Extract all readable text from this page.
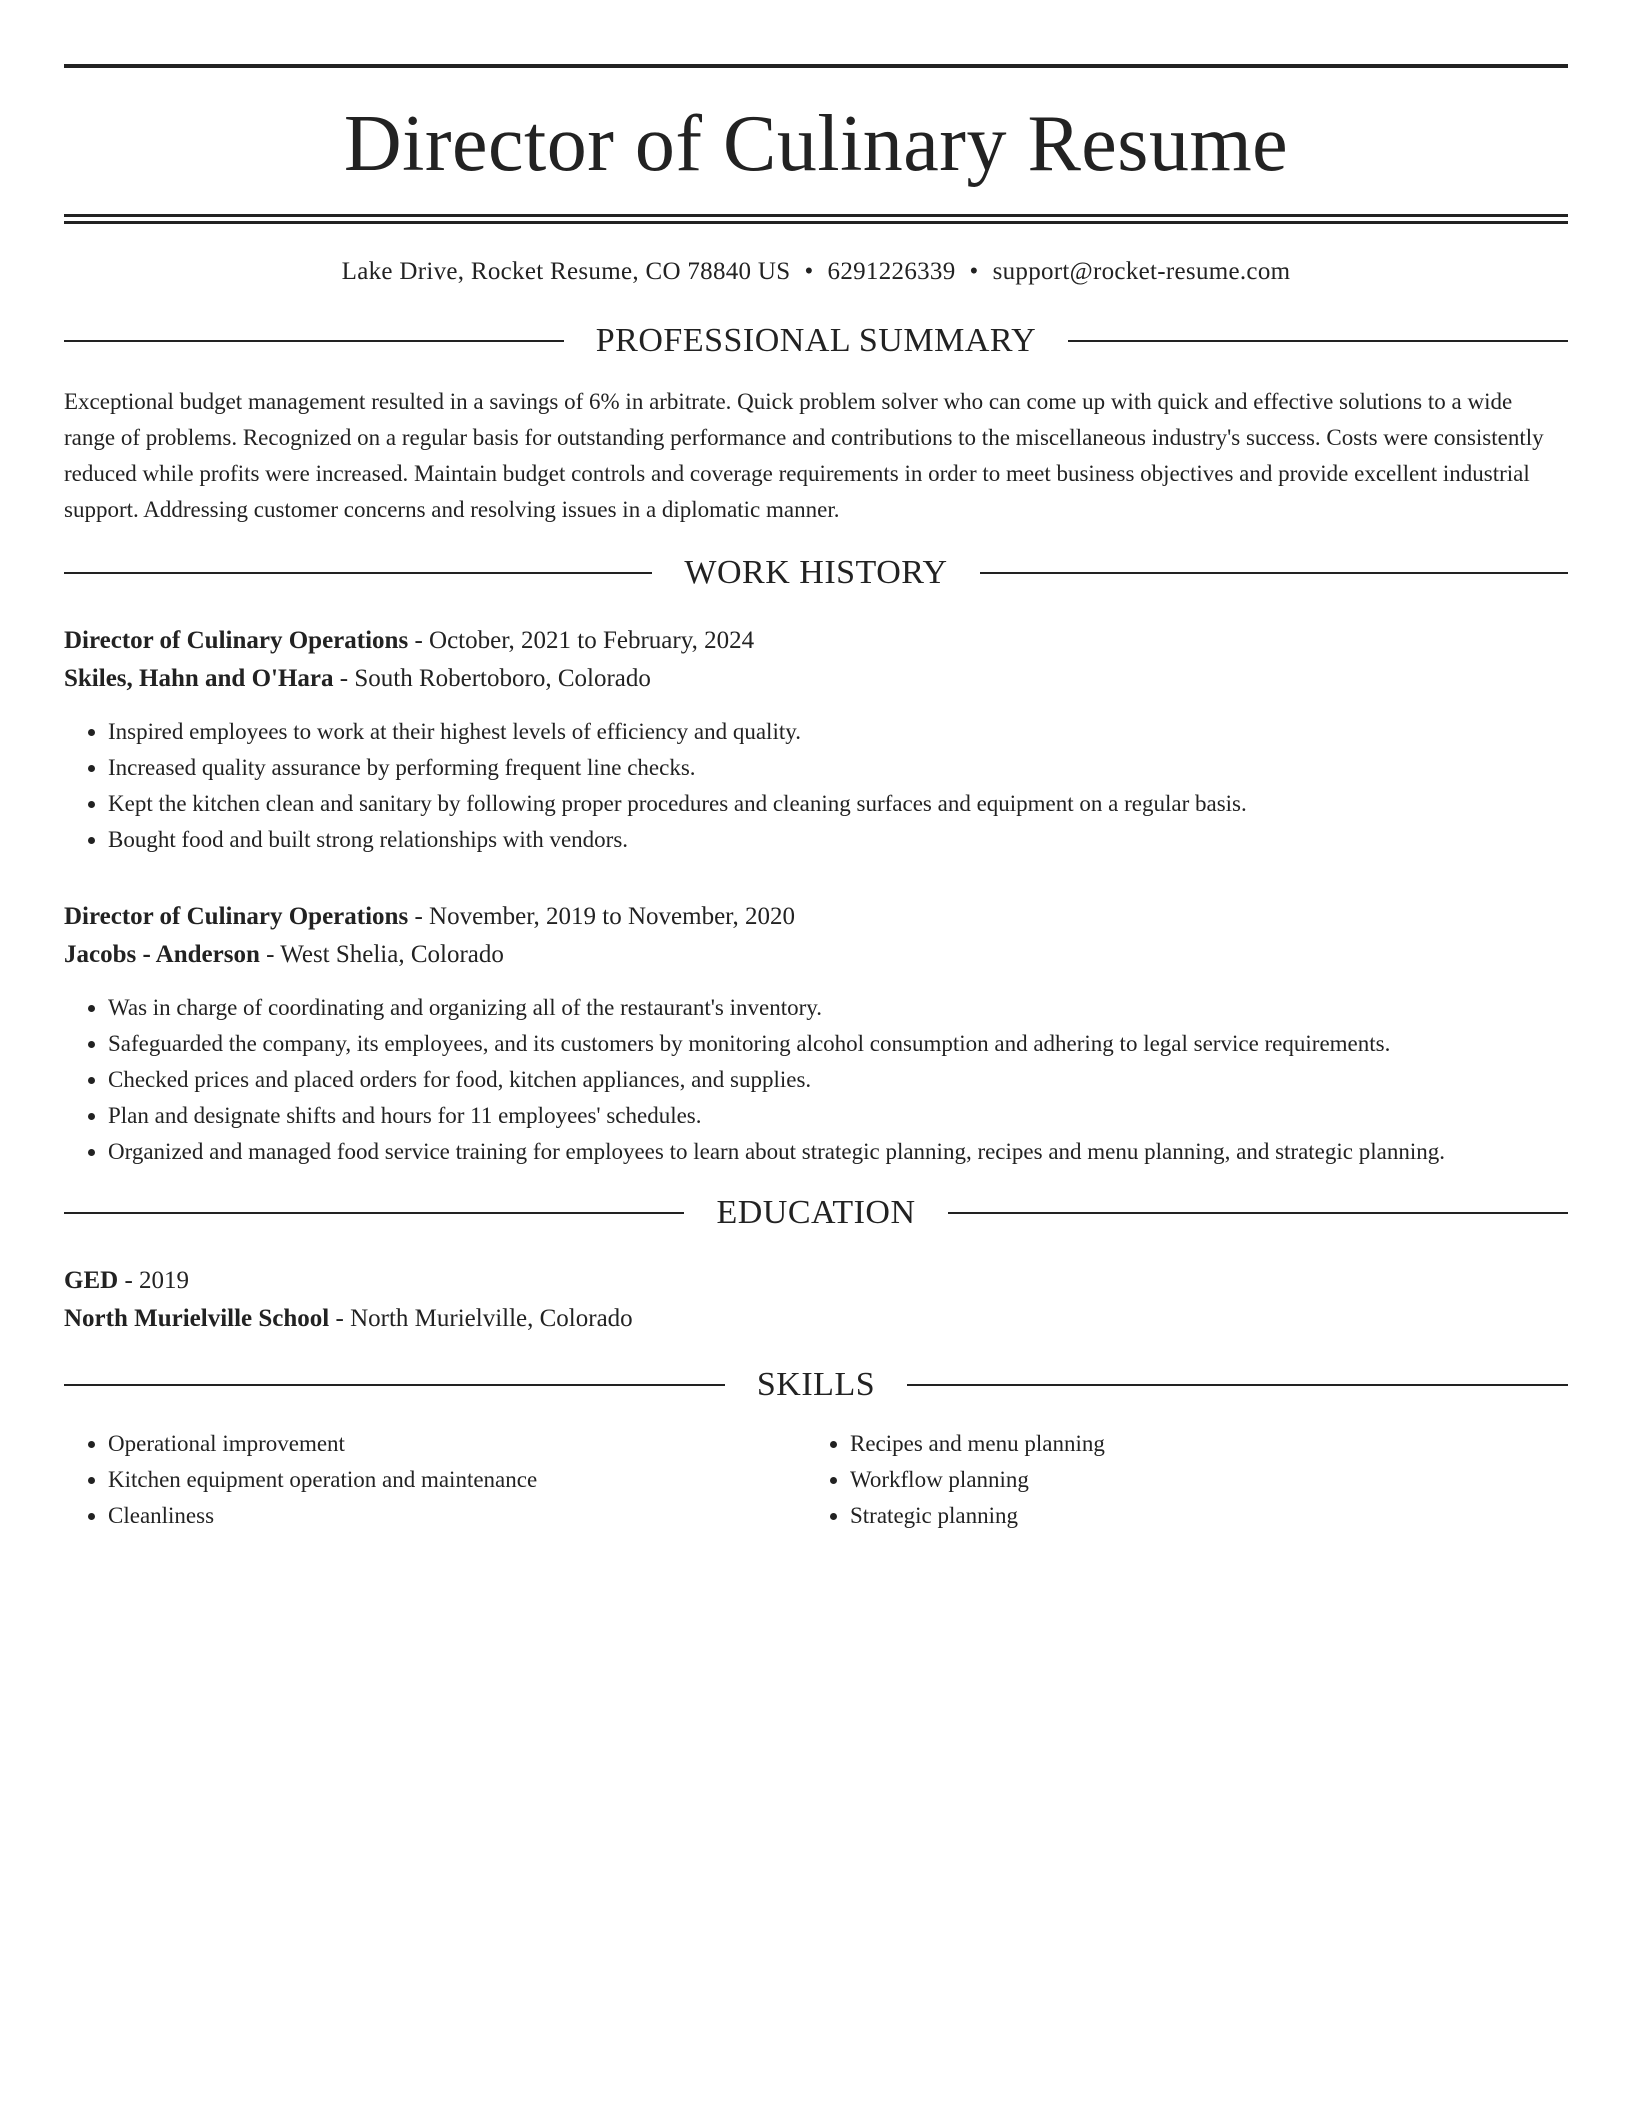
Director of Culinary Resume
Lake Drive, Rocket Resume, CO 78840 US • 6291226339 • support@rocket-resume.com
PROFESSIONAL SUMMARY
Exceptional budget management resulted in a savings of 6% in arbitrate. Quick problem solver who can come up with quick and effective solutions to a wide range of problems. Recognized on a regular basis for outstanding performance and contributions to the miscellaneous industry's success. Costs were consistently reduced while profits were increased. Maintain budget controls and coverage requirements in order to meet business objectives and provide excellent industrial support. Addressing customer concerns and resolving issues in a diplomatic manner.
WORK HISTORY
Director of Culinary Operations - October, 2021 to February, 2024
Skiles, Hahn and O'Hara - South Robertoboro, Colorado
• Inspired employees to work at their highest levels of efficiency and quality.
• Increased quality assurance by performing frequent line checks.
• Kept the kitchen clean and sanitary by following proper procedures and cleaning surfaces and equipment on a regular basis.
• Bought food and built strong relationships with vendors.
Director of Culinary Operations - November, 2019 to November, 2020
Jacobs - Anderson - West Shelia, Colorado
• Was in charge of coordinating and organizing all of the restaurant's inventory.
• Safeguarded the company, its employees, and its customers by monitoring alcohol consumption and adhering to legal service requirements.
• Checked prices and placed orders for food, kitchen appliances, and supplies.
• Plan and designate shifts and hours for 11 employees' schedules.
• Organized and managed food service training for employees to learn about strategic planning, recipes and menu planning, and strategic planning.
EDUCATION
GED - 2019
North Murielville School - North Murielville, Colorado
SKILLS
• Operational improvement
• Kitchen equipment operation and maintenance
• Cleanliness
• Recipes and menu planning
• Workflow planning
• Strategic planning
